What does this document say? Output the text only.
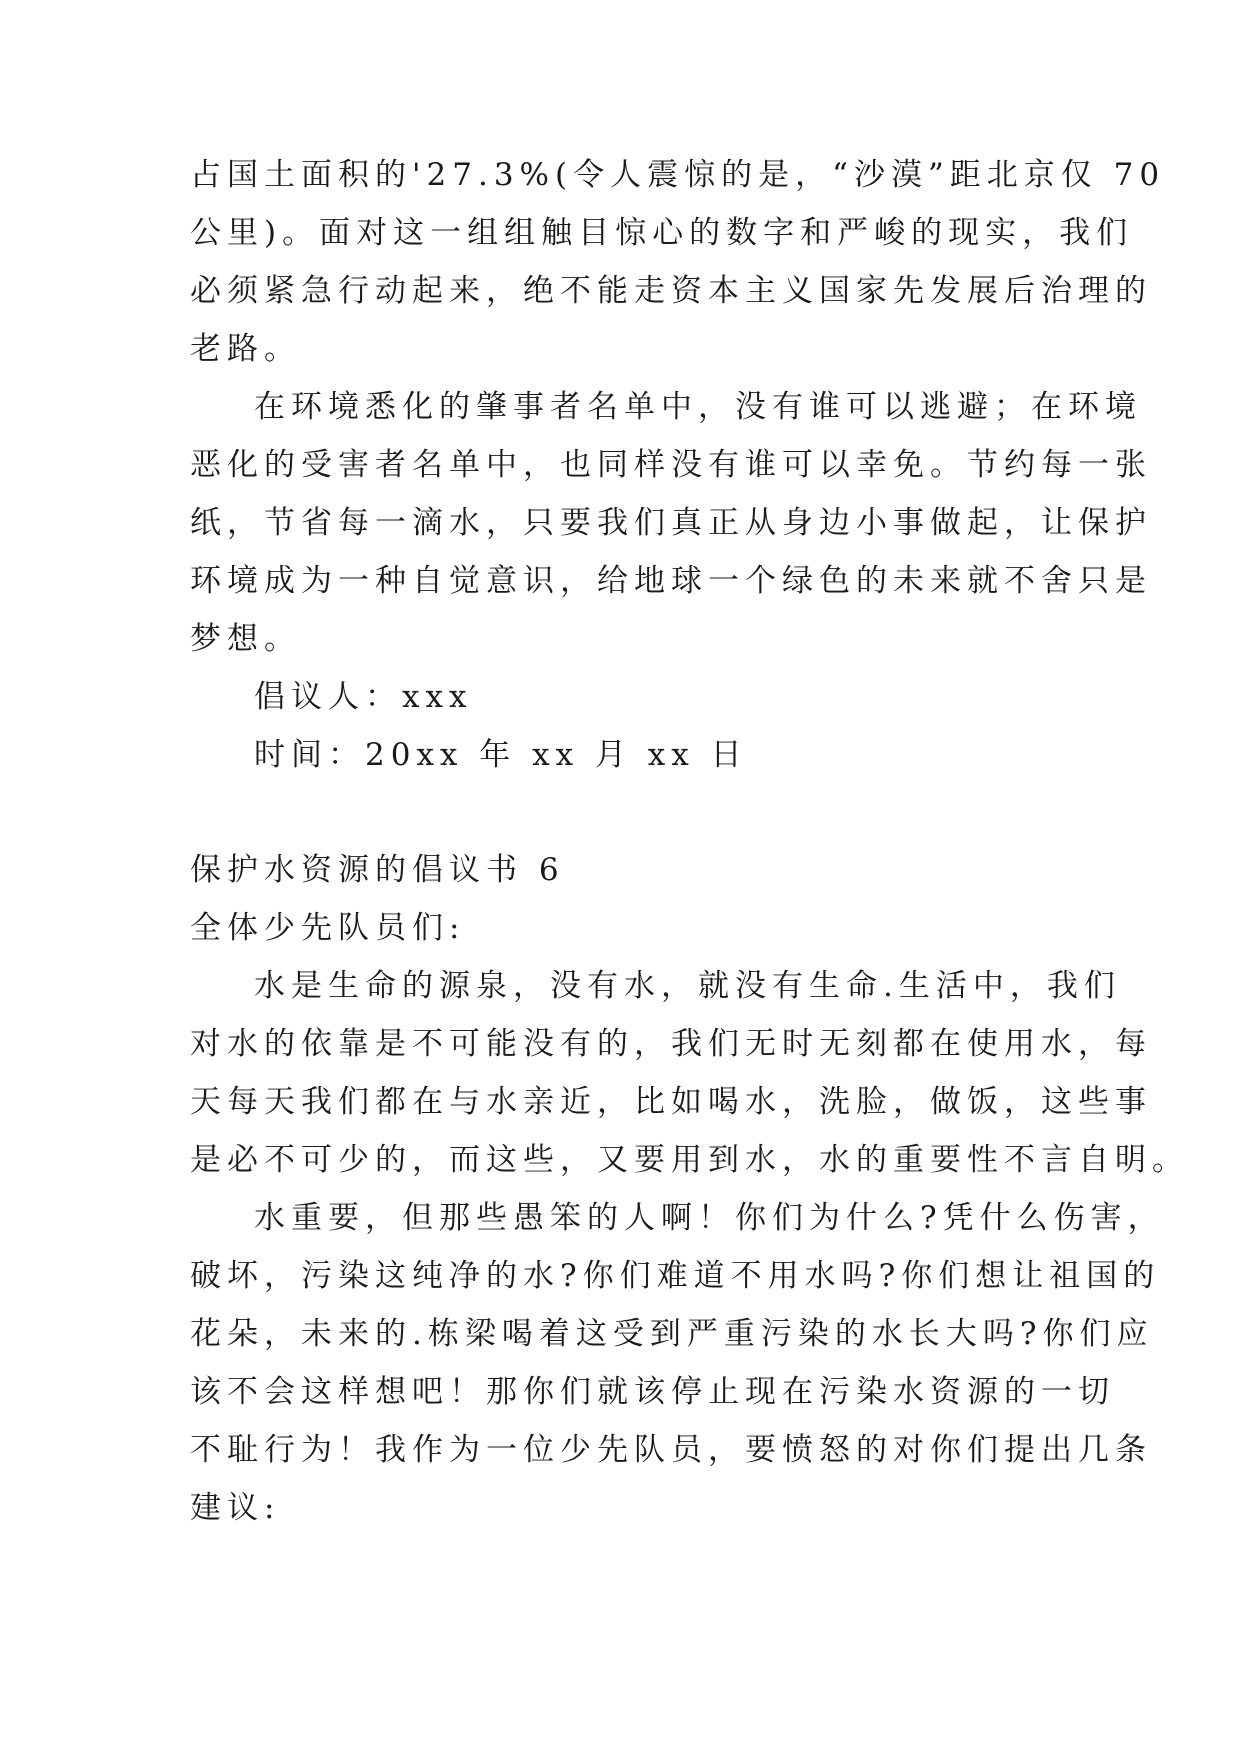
占国土面积的'27.3%(令人震惊的是，“沙漠”距北京仅 70
公里)。面对这一组组触目惊心的数字和严峻的现实，我们
必须紧急行动起来，绝不能走资本主义国家先发展后治理的
老路。
在环境悉化的肇事者名单中，没有谁可以逃避；在环境
恶化的受害者名单中，也同样没有谁可以幸免。节约每一张
纸，节省每一滴水，只要我们真正从身边小事做起，让保护
环境成为一种自觉意识，给地球一个绿色的未来就不舍只是
梦想。
倡议人：xxx
时间：20xx 年 xx 月 xx 日
保护水资源的倡议书 6
全体少先队员们:
水是生命的源泉，没有水，就没有生命.生活中，我们
对水的依靠是不可能没有的，我们无时无刻都在使用水，每
天每天我们都在与水亲近，比如喝水，洗脸，做饭，这些事
是必不可少的，而这些，又要用到水，水的重要性不言自明。
水重要，但那些愚笨的人啊！你们为什么?凭什么伤害，
破坏，污染这纯净的水?你们难道不用水吗?你们想让祖国的
花朵，未来的.栋梁喝着这受到严重污染的水长大吗?你们应
该不会这样想吧！那你们就该停止现在污染水资源的一切
不耻行为！我作为一位少先队员，要愤怒的对你们提出几条
建议:
